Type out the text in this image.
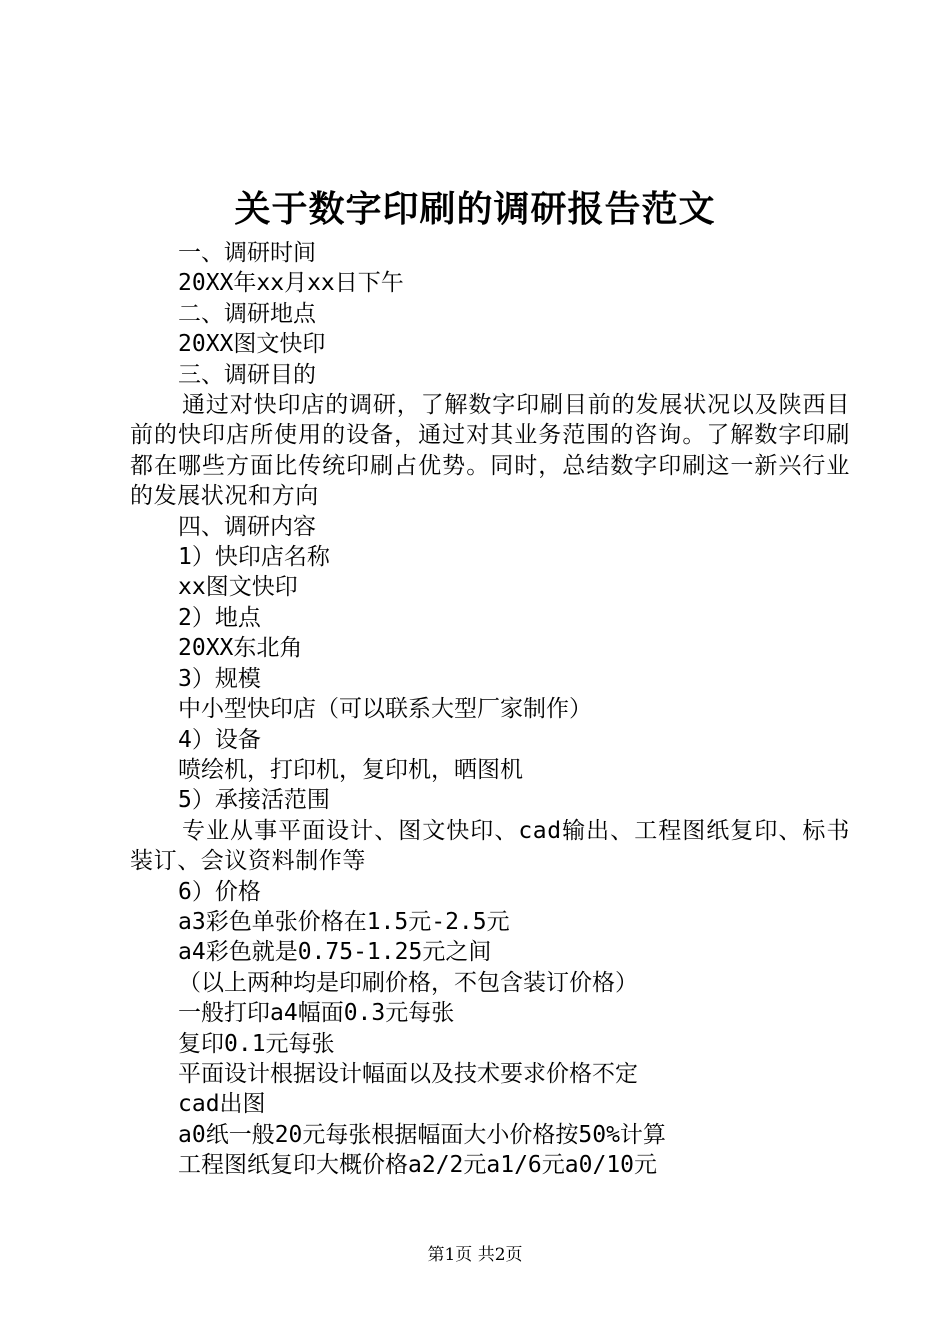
关于数字印刷的调研报告范文
一、调研时间
20XX年xx月xx日下午
二、调研地点
20XX图文快印
三、调研目的

通过对快印店的调研，了解数字印刷目前的发展状况以及陕西目前的快印店所使用的设备，通过对其业务范围的咨询。了解数字印刷都在哪些方面比传统印刷占优势。同时，总结数字印刷这一新兴行业的发展状况和方向

四、调研内容
1）快印店名称
xx图文快印
2）地点
20XX东北角
3）规模
中小型快印店（可以联系大型厂家制作）
4）设备
喷绘机，打印机，复印机，晒图机
5）承接活范围

专业从事平面设计、图文快印、cad输出、工程图纸复印、标书装订、会议资料制作等

6）价格
a3彩色单张价格在1.5元-2.5元
a4彩色就是0.75-1.25元之间
（以上两种均是印刷价格，不包含装订价格）
一般打印a4幅面0.3元每张
复印0.1元每张
平面设计根据设计幅面以及技术要求价格不定
cad出图
a0纸一般20元每张根据幅面大小价格按50%计算
工程图纸复印大概价格a2/2元a1/6元a0/10元
第1页 共2页
